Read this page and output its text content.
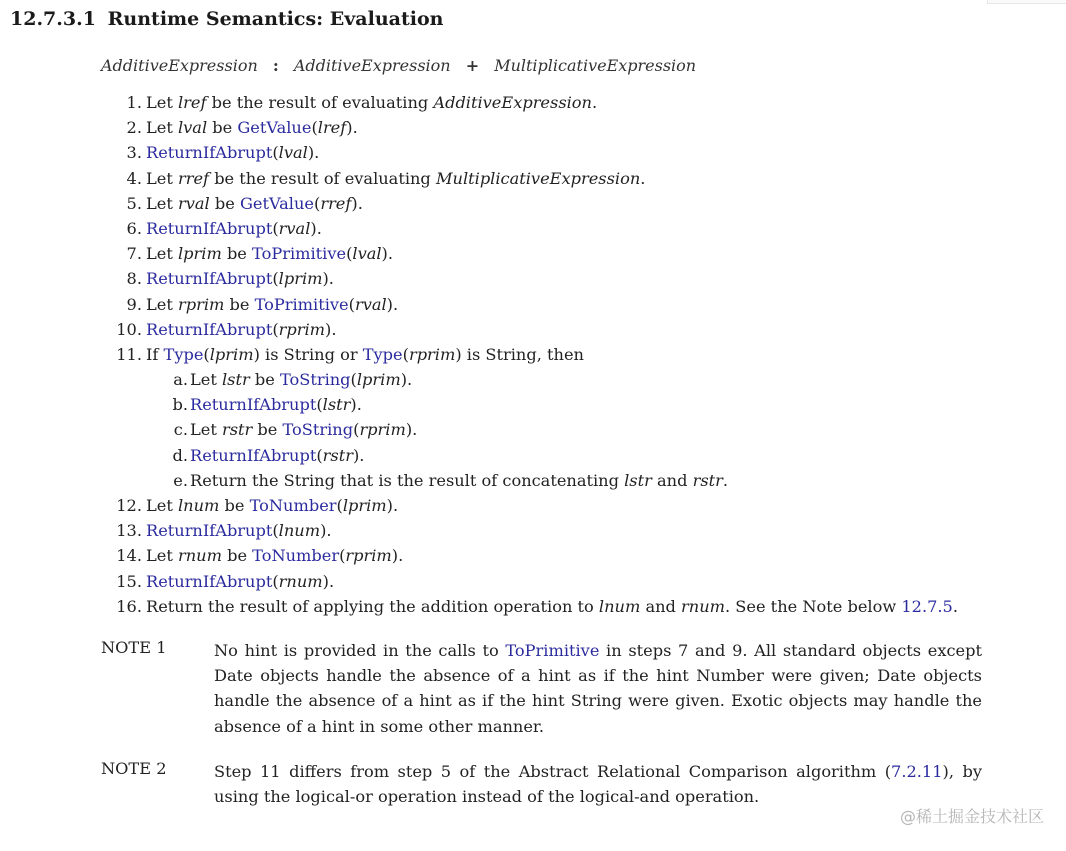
12.7.3.1 Runtime Semantics: Evaluation
AdditiveExpression : AdditiveExpression + MultiplicativeExpression
1. Let lref be the result of evaluating AdditiveExpression.
2. Let lval be GetValue(lref).
3. ReturnIfAbrupt(lval).
4. Let rref be the result of evaluating MultiplicativeExpression.
5. Let rval be GetValue(rref).
6. ReturnIfAbrupt(rval).
7. Let lprim be ToPrimitive(lval).
8. ReturnIfAbrupt(lprim).
9. Let rprim be ToPrimitive(rval).
10. ReturnIfAbrupt(rprim).
11. If Type(lprim) is String or Type(rprim) is String, then
a. Let lstr be ToString(lprim).
b. ReturnIfAbrupt(lstr).
c. Let rstr be ToString(rprim).
d. ReturnIfAbrupt(rstr).
e. Return the String that is the result of concatenating lstr and rstr.
12. Let lnum be ToNumber(lprim).
13. ReturnIfAbrupt(lnum).
14. Let rnum be ToNumber(rprim).
15. ReturnIfAbrupt(rnum).
16. Return the result of applying the addition operation to lnum and rnum. See the Note below 12.7.5.
NOTE 1	No hint is provided in the calls to ToPrimitive in steps 7 and 9. All standard objects except Date objects handle the absence of a hint as if the hint Number were given; Date objects handle the absence of a hint as if the hint String were given. Exotic objects may handle the absence of a hint in some other manner.
NOTE 2	Step 11 differs from step 5 of the Abstract Relational Comparison algorithm (7.2.11), by using the logical-or operation instead of the logical-and operation.
@稀土掘金技术社区
